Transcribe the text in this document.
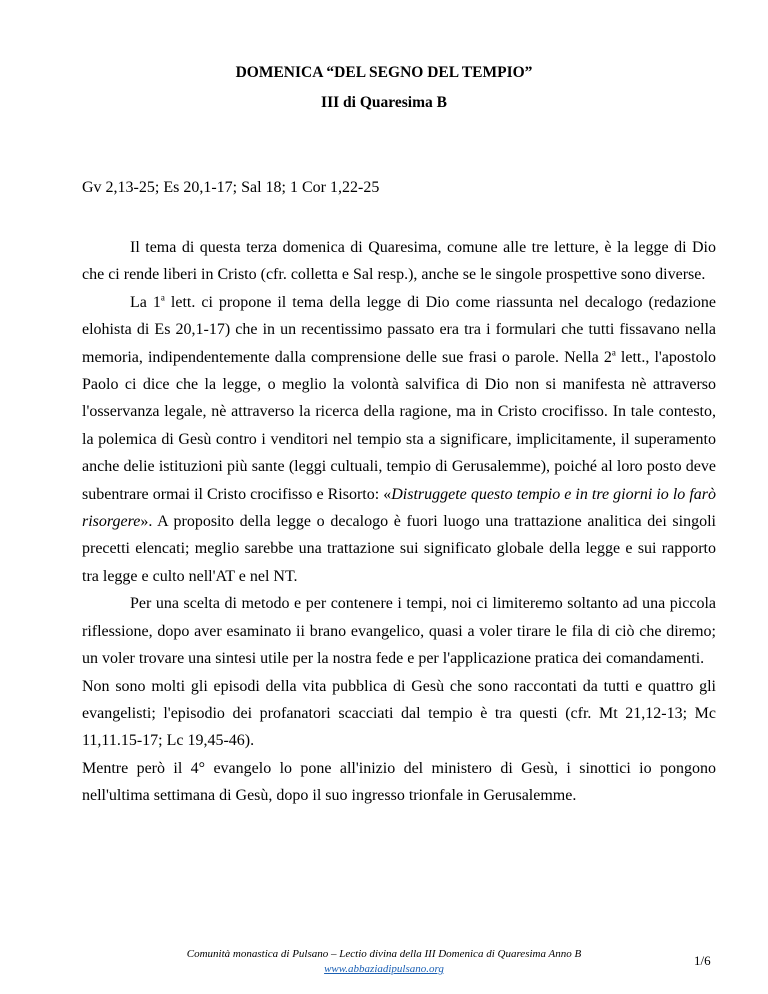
DOMENICA “DEL SEGNO DEL TEMPIO”
III di Quaresima B
Gv 2,13-25; Es 20,1-17; Sal 18; 1 Cor 1,22-25

Il tema di questa terza domenica di Quaresima, comune alle tre letture, è la legge di Dio che ci rende liberi in Cristo (cfr. colletta e Sal resp.), anche se le singole prospettive sono diverse.

La 1$^a$ lett. ci propone il tema della legge di Dio come riassunta nel decalogo (redazione elohista di Es 20,1-17) che in un recentissimo passato era tra i formulari che tutti fissavano nella memoria, indipendentemente dalla comprensione delle sue frasi o parole. Nella 2$^a$ lett., l'apostolo Paolo ci dice che la legge, o meglio la volontà salvifica di Dio non si manifesta nè attraverso l'osservanza legale, nè attraverso la ricerca della ragione, ma in Cristo crocifisso. In tale contesto, la polemica di Gesù contro i venditori nel tempio sta a significare, implicitamente, il superamento anche delie istituzioni più sante (leggi cultuali, tempio di Gerusalemme), poiché al loro posto deve subentrare ormai il Cristo crocifisso e Risorto: «Distruggete questo tempio e in tre giorni io lo farò risorgere». A proposito della legge o decalogo è fuori luogo una trattazione analitica dei singoli precetti elencati; meglio sarebbe una trattazione sui significato globale della legge e sui rapporto tra legge e culto nell'AT e nel NT.

Per una scelta di metodo e per contenere i tempi, noi ci limiteremo soltanto ad una piccola riflessione, dopo aver esaminato ii brano evangelico, quasi a voler tirare le fila di ciò che diremo; un voler trovare una sintesi utile per la nostra fede e per l'applicazione pratica dei comandamenti.

Non sono molti gli episodi della vita pubblica di Gesù che sono raccontati da tutti e quattro gli evangelisti; l'episodio dei profanatori scacciati dal tempio è tra questi (cfr. Mt 21,12-13; Mc 11,11.15-17; Lc 19,45-46).

Mentre però il 4° evangelo lo pone all'inizio del ministero di Gesù, i sinottici io pongono nell'ultima settimana di Gesù, dopo il suo ingresso trionfale in Gerusalemme.

Comunità monastica di Pulsano – Lectio divina della III Domenica di Quaresima Anno B
www.abbaziadipulsano.org
1/6
